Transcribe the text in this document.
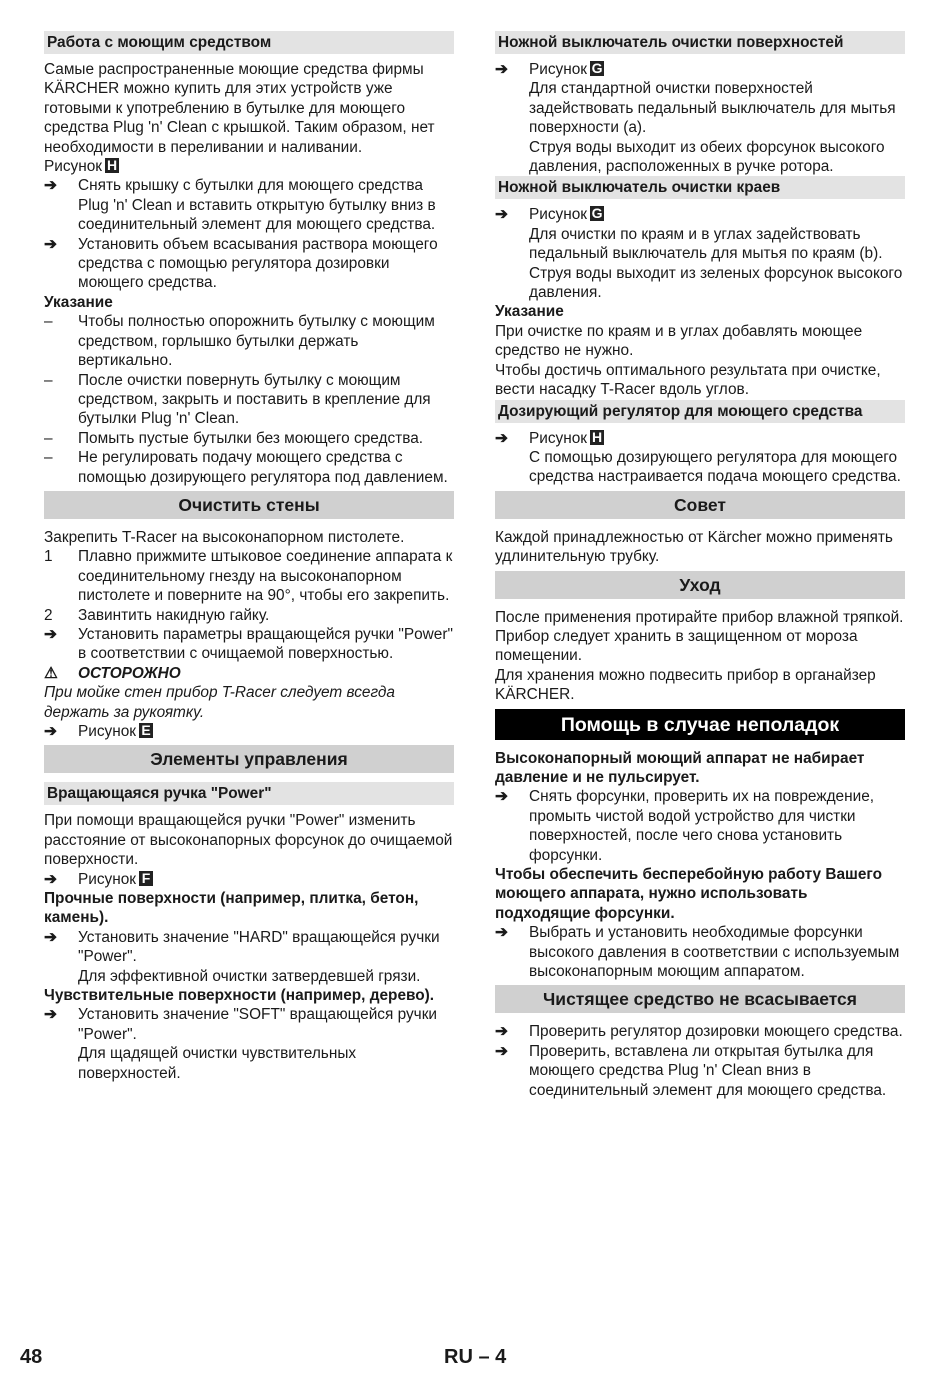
Работа с моющим средством

Самые распространенные моющие средства фирмы KÄRCHER можно купить для этих устройств уже готовыми к употреблению в бутылке для моющего средства Plug 'n' Clean с крышкой. Таким образом, нет необходимости в переливании и наливании.

Рисунок H

➔	Снять крышку с бутылки для моющего средства Plug 'n' Clean и вставить открытую бутылку вниз в соединительный элемент для моющего средства.
➔	Установить объем всасывания раствора моющего средства с помощью регулятора дозировки моющего средства.

Указание

–	Чтобы полностью опорожнить бутылку с моющим средством, горлышко бутылки держать вертикально.
–	После очистки повернуть бутылку с моющим средством, закрыть и поставить в крепление для бутылки Plug 'n' Clean.
–	Помыть пустые бутылки без моющего средства.
–	Не регулировать подачу моющего средства с помощью дозирующего регулятора под давлением.
Очистить стены

Закрепить T-Racer на высоконапорном пистолете.

1	Плавно прижмите штыковое соединение аппарата к соединительному гнезду на высоконапорном пистолете и поверните на 90°, чтобы его закрепить.
2	Завинтить накидную гайку.
➔	Установить параметры вращающейся ручки "Power" в соответствии с очищаемой поверхностью.

⚠ ОСТОРОЖНО

При мойке стен прибор T-Racer следует всегда держать за рукоятку.

➔	Рисунок E
Элементы управления
Вращающаяся ручка "Power"

При помощи вращающейся ручки "Power" изменить расстояние от высоконапорных форсунок до очищаемой поверхности.

➔	Рисунок F

Прочные поверхности (например, плитка, бетон, камень).

➔	Установить значение "HARD" вращающейся ручки "Power".

Для эффективной очистки затвердевшей грязи.

Чувствительные поверхности (например, дерево).

➔	Установить значение "SOFT" вращающейся ручки "Power".

Для щадящей очистки чувствительных поверхностей.

Ножной выключатель очистки поверхностей
➔	Рисунок G

Для стандартной очистки поверхностей задействовать педальный выключатель для мытья поверхности (a).

Струя воды выходит из обеих форсунок высокого давления, расположенных в ручке ротора.

Ножной выключатель очистки краев
➔	Рисунок G

Для очистки по краям и в углах задействовать педальный выключатель для мытья по краям (b).

Струя воды выходит из зеленых форсунок высокого давления.

Указание

При очистке по краям и в углах добавлять моющее средство не нужно.

Чтобы достичь оптимального результата при очистке, вести насадку T-Racer вдоль углов.

Дозирующий регулятор для моющего средства
➔	Рисунок H

С помощью дозирующего регулятора для моющего средства настраивается подача моющего средства.

Совет

Каждой принадлежностью от Kärcher можно применять удлинительную трубку.

Уход

После применения протирайте прибор влажной тряпкой.

Прибор следует хранить в защищенном от мороза помещении.

Для хранения можно подвесить прибор в органайзер KÄRCHER.

Помощь в случае неполадок

Высоконапорный моющий аппарат не набирает давление и не пульсирует.

➔	Снять форсунки, проверить их на повреждение, промыть чистой водой устройство для чистки поверхностей, после чего снова установить форсунки.

Чтобы обеспечить бесперебойную работу Вашего моющего аппарата, нужно использовать подходящие форсунки.

➔	Выбрать и установить необходимые форсунки высокого давления в соответствии с используемым высоконапорным моющим аппаратом.
Чистящее средство не всасывается
➔	Проверить регулятор дозировки моющего средства.
➔	Проверить, вставлена ли открытая бутылка для моющего средства Plug 'n' Clean вниз в соединительный элемент для моющего средства.
48	RU – 4
